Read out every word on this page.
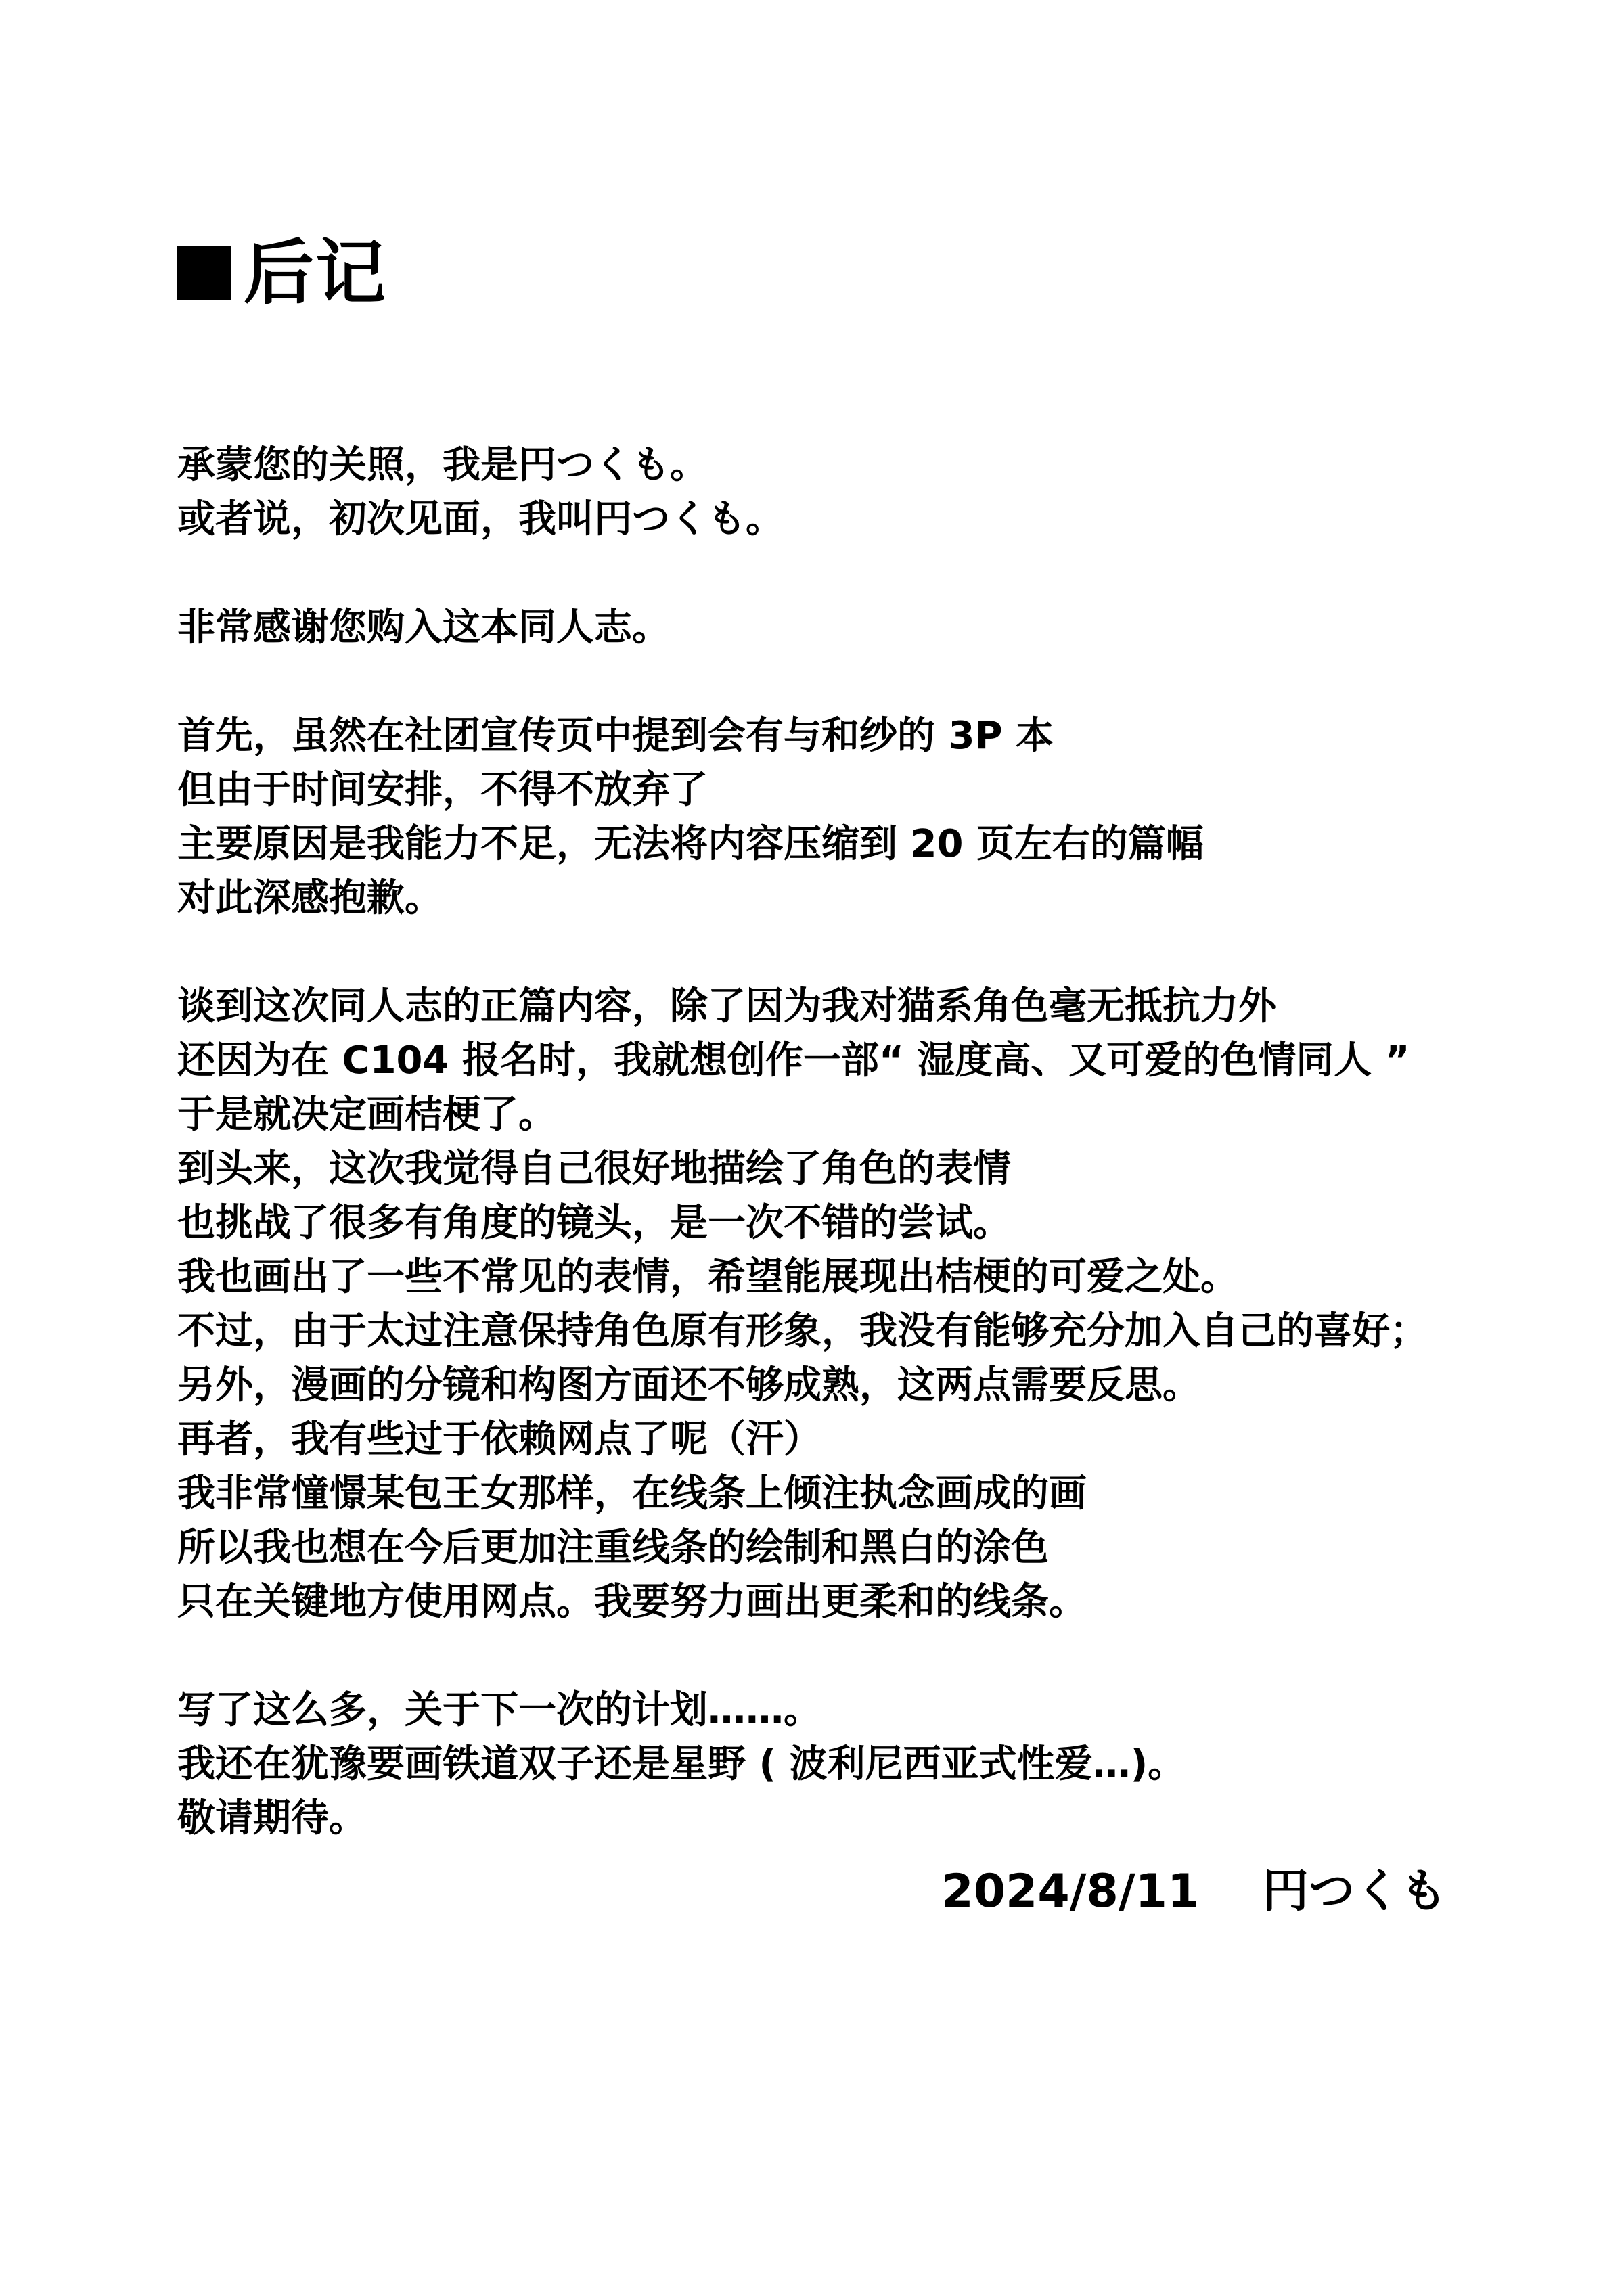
后记
承蒙您的关照，我是円つくも。
或者说，初次见面，我叫円つくも。
非常感谢您购入这本同人志。
首先，虽然在社团宣传页中提到会有与和纱的 3P 本
但由于时间安排，不得不放弃了
主要原因是我能力不足，无法将内容压缩到 20 页左右的篇幅
对此深感抱歉。
谈到这次同人志的正篇内容，除了因为我对猫系角色毫无抵抗力外
还因为在 C104 报名时，我就想创作一部“ 湿度高、又可爱的色情同人 ”
于是就决定画桔梗了。
到头来，这次我觉得自己很好地描绘了角色的表情
也挑战了很多有角度的镜头，是一次不错的尝试。
我也画出了一些不常见的表情，希望能展现出桔梗的可爱之处。
不过，由于太过注意保持角色原有形象，我没有能够充分加入自己的喜好；
另外，漫画的分镜和构图方面还不够成熟，这两点需要反思。
再者，我有些过于依赖网点了呢（汗）
我非常憧憬某包王女那样，在线条上倾注执念画成的画
所以我也想在今后更加注重线条的绘制和黑白的涂色
只在关键地方使用网点。我要努力画出更柔和的线条。
写了这么多，关于下一次的计划……。
我还在犹豫要画铁道双子还是星野 ( 波利尼西亚式性爱…)。
敬请期待。
2024/8/11 円つくも
